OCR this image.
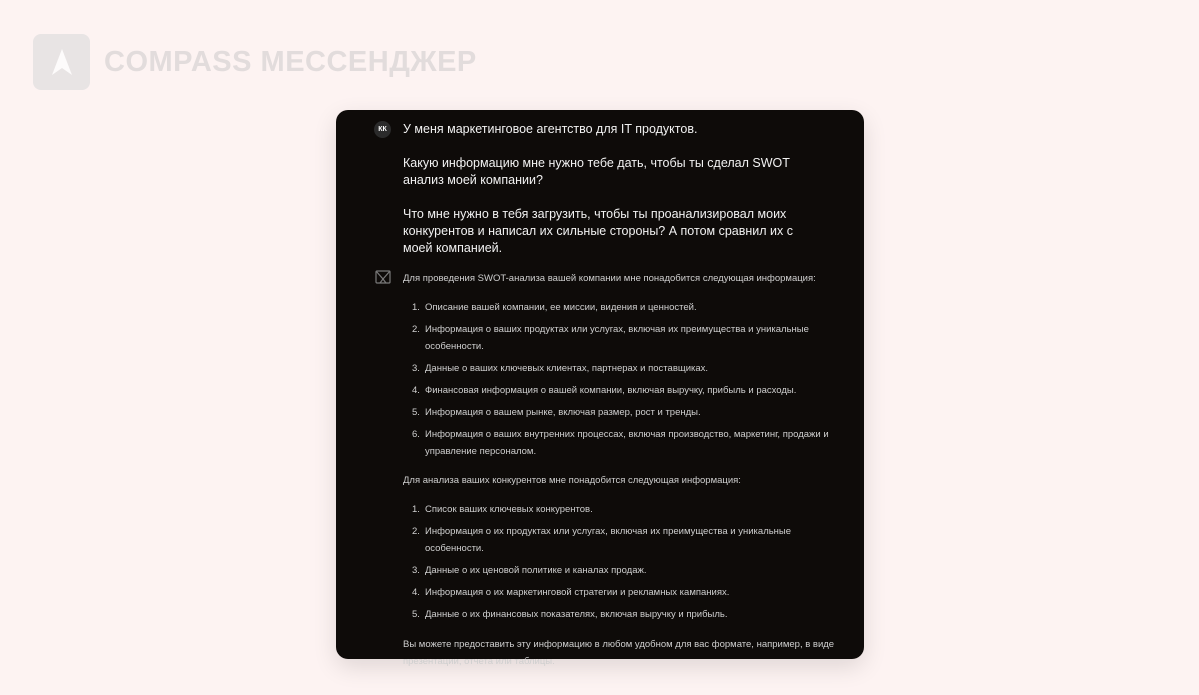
COMPASS МЕССЕНДЖЕР
КК	У меня маркетинговое агентство для IT продуктов.

Какую информацию мне нужно тебе дать, чтобы ты сделал SWOT анализ моей компании?

Что мне нужно в тебя загрузить, чтобы ты проанализировал моих конкурентов и написал их сильные стороны? А потом сравнил их с моей компанией.

Для проведения SWOT-анализа вашей компании мне понадобится следующая информация:

1. Описание вашей компании, ее миссии, видения и ценностей.
2. Информация о ваших продуктах или услугах, включая их преимущества и уникальные особенности.
3. Данные о ваших ключевых клиентах, партнерах и поставщиках.
4. Финансовая информация о вашей компании, включая выручку, прибыль и расходы.
5. Информация о вашем рынке, включая размер, рост и тренды.
6. Информация о ваших внутренних процессах, включая производство, маркетинг, продажи и управление персоналом.

Для анализа ваших конкурентов мне понадобится следующая информация:

1. Список ваших ключевых конкурентов.
2. Информация о их продуктах или услугах, включая их преимущества и уникальные особенности.
3. Данные о их ценовой политике и каналах продаж.
4. Информация о их маркетинговой стратегии и рекламных кампаниях.
5. Данные о их финансовых показателях, включая выручку и прибыль.

Вы можете предоставить эту информацию в любом удобном для вас формате, например, в виде презентации, отчета или таблицы.
